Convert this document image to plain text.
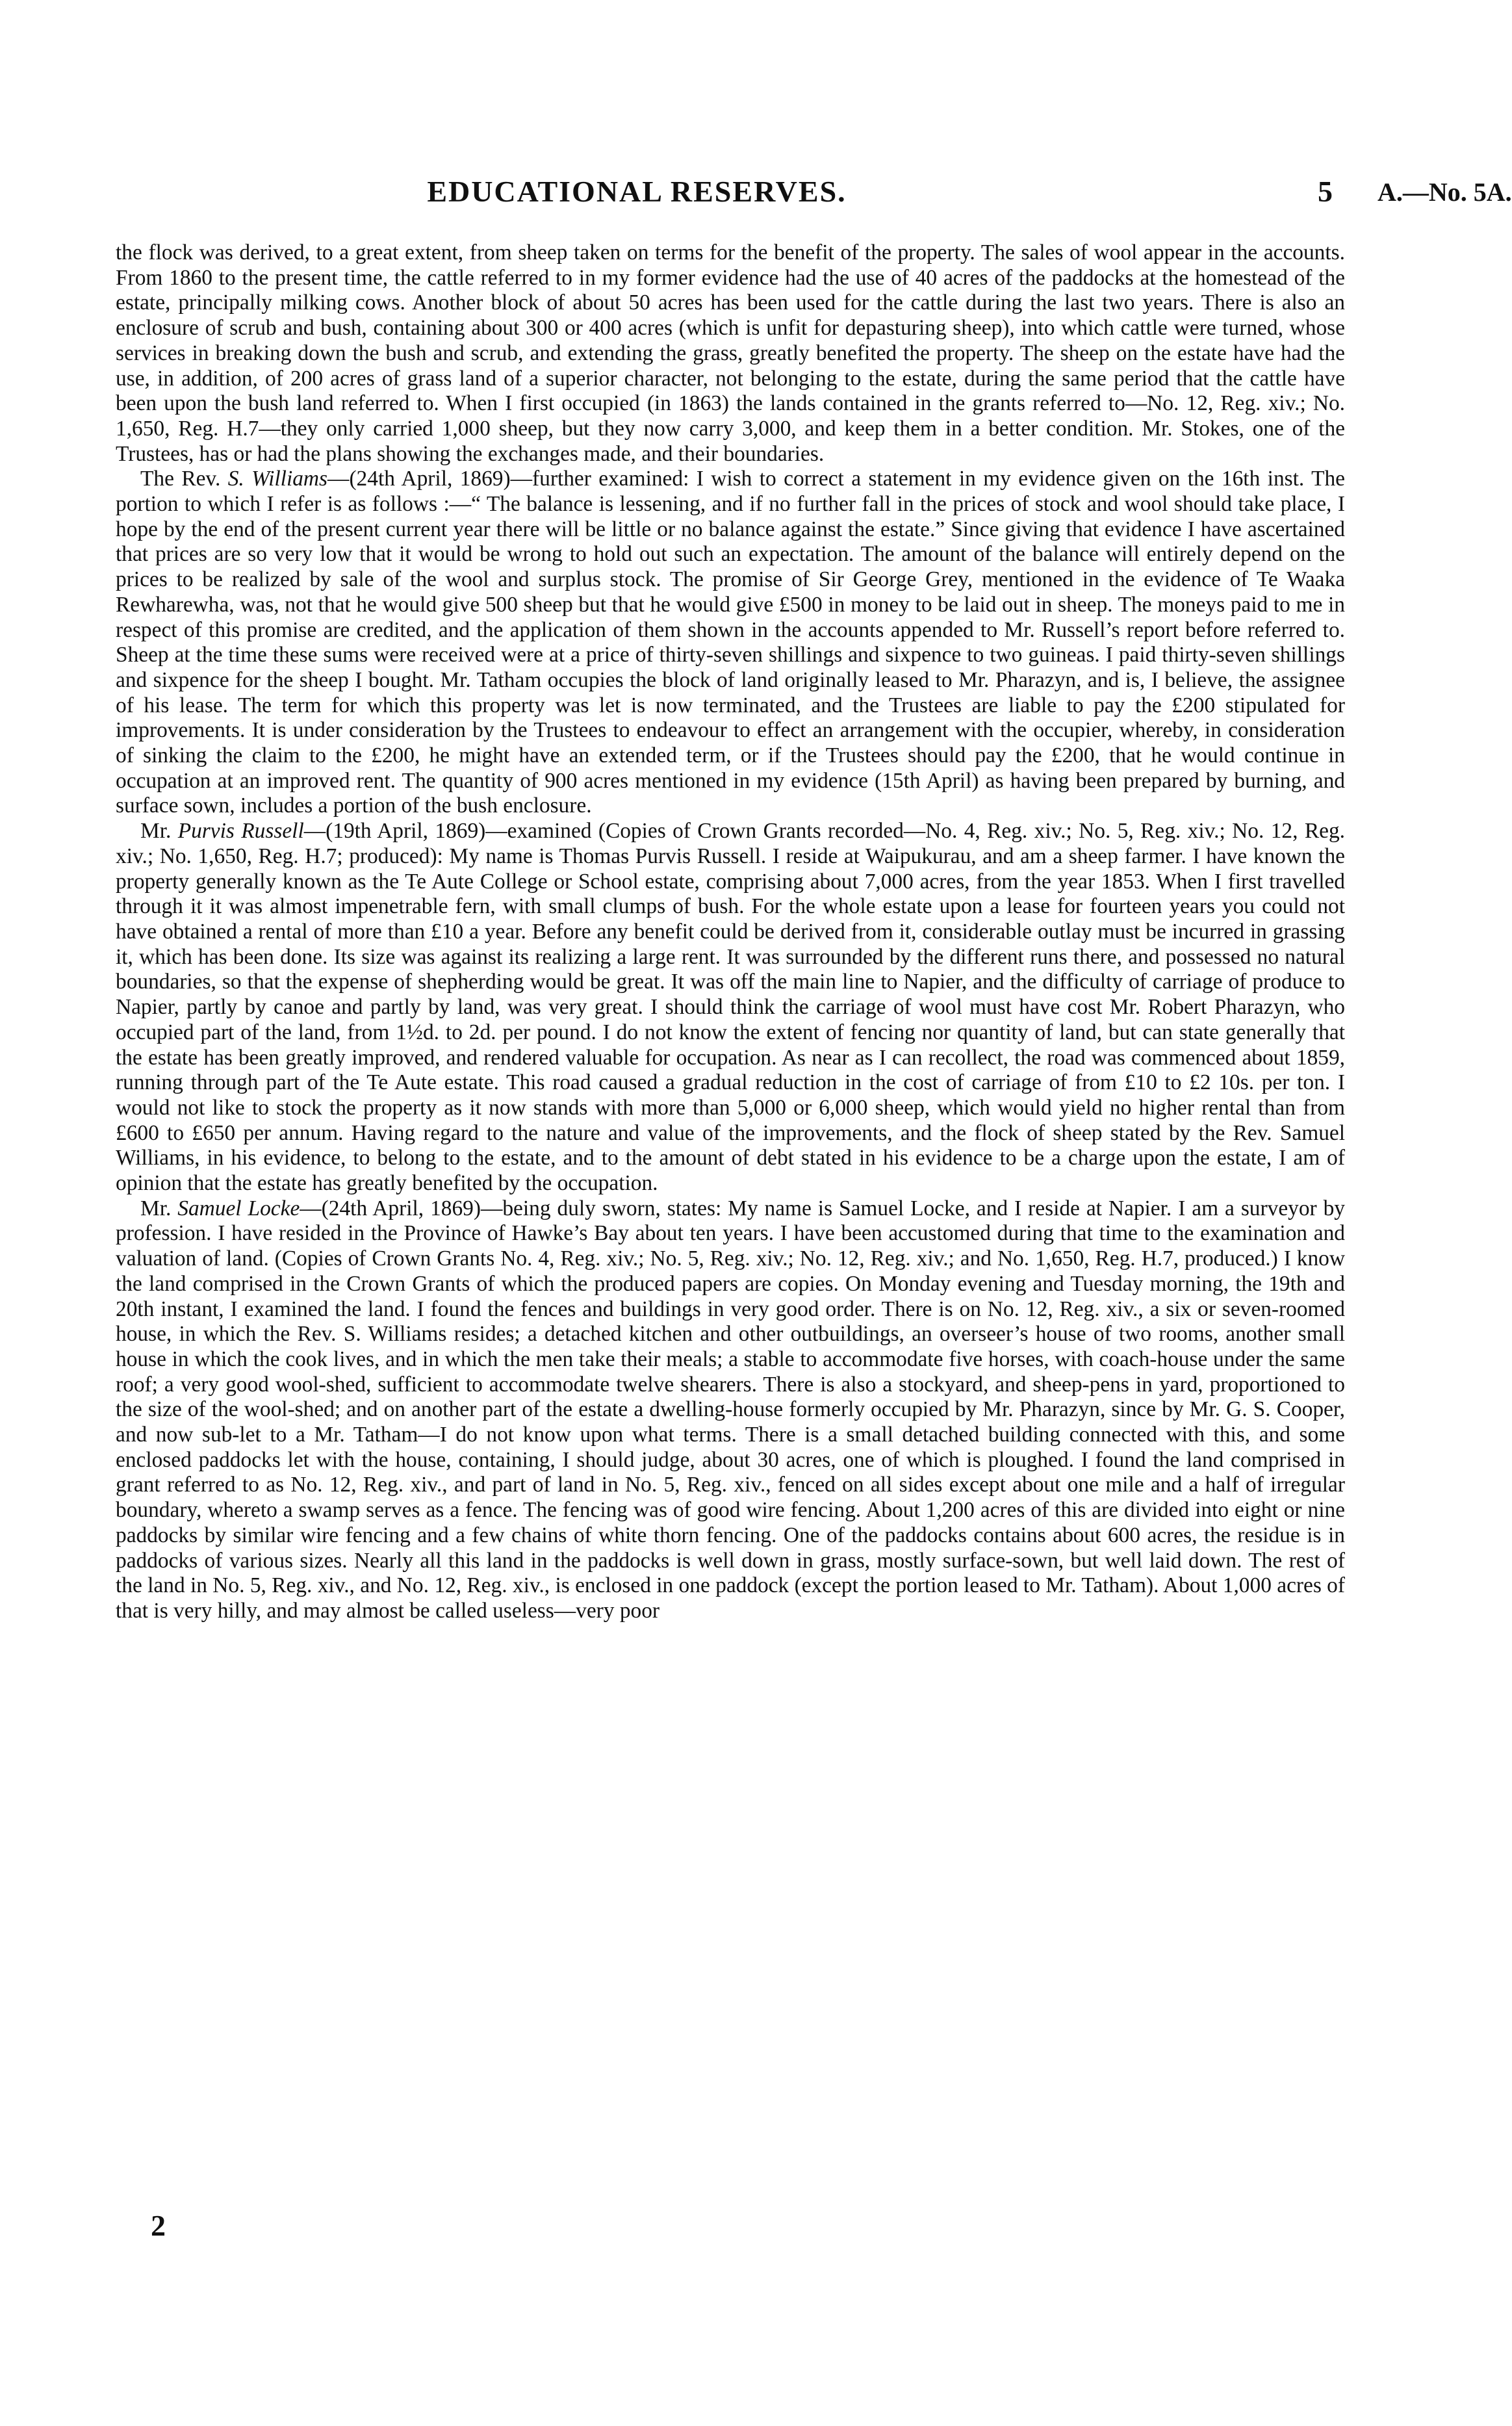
EDUCATIONAL RESERVES.	5 A.—No. 5A.

the flock was derived, to a great extent, from sheep taken on terms for the benefit of the property. The sales of wool appear in the accounts. From 1860 to the present time, the cattle referred to in my former evidence had the use of 40 acres of the paddocks at the homestead of the estate, principally milking cows. Another block of about 50 acres has been used for the cattle during the last two years. There is also an enclosure of scrub and bush, containing about 300 or 400 acres (which is unfit for depasturing sheep), into which cattle were turned, whose services in breaking down the bush and scrub, and extending the grass, greatly benefited the property. The sheep on the estate have had the use, in addition, of 200 acres of grass land of a superior character, not belonging to the estate, during the same period that the cattle have been upon the bush land referred to. When I first occupied (in 1863) the lands contained in the grants referred to—No. 12, Reg. xiv.; No. 1,650, Reg. H.7—they only carried 1,000 sheep, but they now carry 3,000, and keep them in a better condition. Mr. Stokes, one of the Trustees, has or had the plans showing the exchanges made, and their boundaries.

The Rev. S. Williams—(24th April, 1869)—further examined: I wish to correct a statement in my evidence given on the 16th inst. The portion to which I refer is as follows :—“ The balance is lessening, and if no further fall in the prices of stock and wool should take place, I hope by the end of the present current year there will be little or no balance against the estate.” Since giving that evidence I have ascertained that prices are so very low that it would be wrong to hold out such an expectation. The amount of the balance will entirely depend on the prices to be realized by sale of the wool and surplus stock. The promise of Sir George Grey, mentioned in the evidence of Te Waaka Rewharewha, was, not that he would give 500 sheep but that he would give £500 in money to be laid out in sheep. The moneys paid to me in respect of this promise are credited, and the application of them shown in the accounts appended to Mr. Russell’s report before referred to. Sheep at the time these sums were received were at a price of thirty-seven shillings and sixpence to two guineas. I paid thirty-seven shillings and sixpence for the sheep I bought. Mr. Tatham occupies the block of land originally leased to Mr. Pharazyn, and is, I believe, the assignee of his lease. The term for which this property was let is now terminated, and the Trustees are liable to pay the £200 stipulated for improvements. It is under consideration by the Trustees to endeavour to effect an arrangement with the occupier, whereby, in consideration of sinking the claim to the £200, he might have an extended term, or if the Trustees should pay the £200, that he would continue in occupation at an improved rent. The quantity of 900 acres mentioned in my evidence (15th April) as having been prepared by burning, and surface sown, includes a portion of the bush enclosure.

Mr. Purvis Russell—(19th April, 1869)—examined (Copies of Crown Grants recorded—No. 4, Reg. xiv.; No. 5, Reg. xiv.; No. 12, Reg. xiv.; No. 1,650, Reg. H.7; produced): My name is Thomas Purvis Russell. I reside at Waipukurau, and am a sheep farmer. I have known the property generally known as the Te Aute College or School estate, comprising about 7,000 acres, from the year 1853. When I first travelled through it it was almost impenetrable fern, with small clumps of bush. For the whole estate upon a lease for fourteen years you could not have obtained a rental of more than £10 a year. Before any benefit could be derived from it, considerable outlay must be incurred in grassing it, which has been done. Its size was against its realizing a large rent. It was surrounded by the different runs there, and possessed no natural boundaries, so that the expense of shepherding would be great. It was off the main line to Napier, and the difficulty of carriage of produce to Napier, partly by canoe and partly by land, was very great. I should think the carriage of wool must have cost Mr. Robert Pharazyn, who occupied part of the land, from 1½d. to 2d. per pound. I do not know the extent of fencing nor quantity of land, but can state generally that the estate has been greatly improved, and rendered valuable for occupation. As near as I can recollect, the road was commenced about 1859, running through part of the Te Aute estate. This road caused a gradual reduction in the cost of carriage of from £10 to £2 10s. per ton. I would not like to stock the property as it now stands with more than 5,000 or 6,000 sheep, which would yield no higher rental than from £600 to £650 per annum. Having regard to the nature and value of the improvements, and the flock of sheep stated by the Rev. Samuel Williams, in his evidence, to belong to the estate, and to the amount of debt stated in his evidence to be a charge upon the estate, I am of opinion that the estate has greatly benefited by the occupation.

Mr. Samuel Locke—(24th April, 1869)—being duly sworn, states: My name is Samuel Locke, and I reside at Napier. I am a surveyor by profession. I have resided in the Province of Hawke’s Bay about ten years. I have been accustomed during that time to the examination and valuation of land. (Copies of Crown Grants No. 4, Reg. xiv.; No. 5, Reg. xiv.; No. 12, Reg. xiv.; and No. 1,650, Reg. H.7, produced.) I know the land comprised in the Crown Grants of which the produced papers are copies. On Monday evening and Tuesday morning, the 19th and 20th instant, I examined the land. I found the fences and buildings in very good order. There is on No. 12, Reg. xiv., a six or seven-roomed house, in which the Rev. S. Williams resides; a detached kitchen and other outbuildings, an overseer’s house of two rooms, another small house in which the cook lives, and in which the men take their meals; a stable to accommodate five horses, with coach-house under the same roof; a very good wool-shed, sufficient to accommodate twelve shearers. There is also a stockyard, and sheep-pens in yard, proportioned to the size of the wool-shed; and on another part of the estate a dwelling-house formerly occupied by Mr. Pharazyn, since by Mr. G. S. Cooper, and now sub-let to a Mr. Tatham—I do not know upon what terms. There is a small detached building connected with this, and some enclosed paddocks let with the house, containing, I should judge, about 30 acres, one of which is ploughed. I found the land comprised in grant referred to as No. 12, Reg. xiv., and part of land in No. 5, Reg. xiv., fenced on all sides except about one mile and a half of irregular boundary, whereto a swamp serves as a fence. The fencing was of good wire fencing. About 1,200 acres of this are divided into eight or nine paddocks by similar wire fencing and a few chains of white thorn fencing. One of the paddocks contains about 600 acres, the residue is in paddocks of various sizes. Nearly all this land in the paddocks is well down in grass, mostly surface-sown, but well laid down. The rest of the land in No. 5, Reg. xiv., and No. 12, Reg. xiv., is enclosed in one paddock (except the portion leased to Mr. Tatham). About 1,000 acres of that is very hilly, and may almost be called useless—very poor

2
